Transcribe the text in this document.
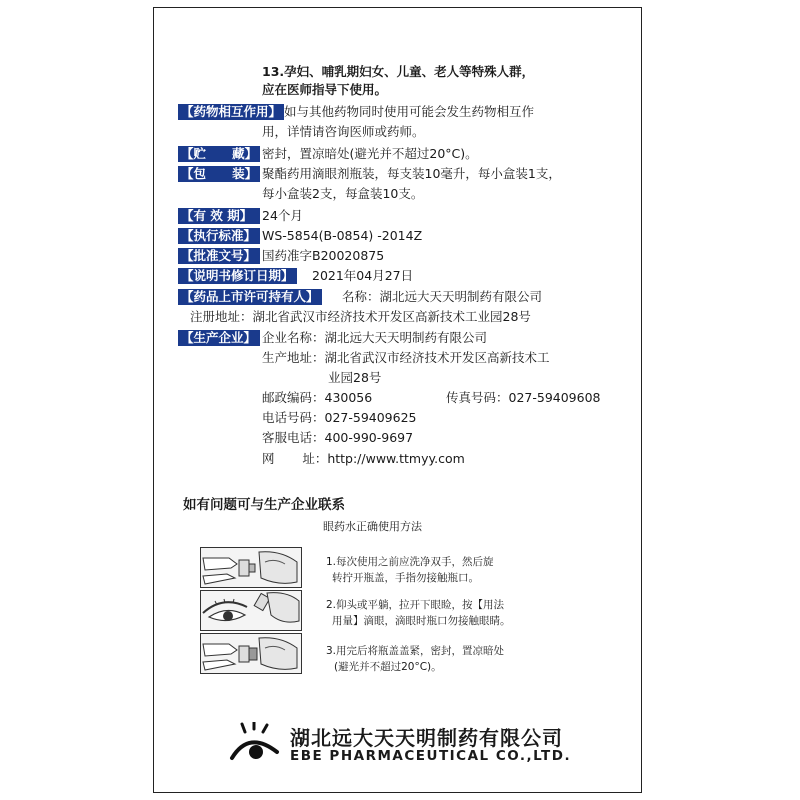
13.孕妇、哺乳期妇女、儿童、老人等特殊人群，
应在医师指导下使用。
【 药物相互作用 】	如与其他药物同时使用可能会发生药物相互作
用，详情请咨询医师或药师。
【 贮      藏 】	密封，置凉暗处(避光并不超过20°C)。
【 包      装 】	聚酯药用滴眼剂瓶装，每支装10毫升，每小盒装1支，
每小盒装2支，每盒装10支。
【 有 效 期 】	24个月
【 执行标准 】	WS-5854(B-0854) -2014Z
【 批准文号 】	国药准字B20020875
【 说明书修订日期 】	2021年04月27日
【 药品上市许可持有人 】	名称：湖北远大天天明制药有限公司
注册地址：湖北省武汉市经济技术开发区高新技术工业园28号
【 生产企业 】	企业名称：湖北远大天天明制药有限公司
生产地址：湖北省武汉市经济技术开发区高新技术工
业园28号
邮政编码：430056	传真号码：027-59409608
电话号码：027-59409625
客服电话：400-990-9697
网       址：http://www.ttmyy.com
如有问题可与生产企业联系
眼药水正确使用方法
1.每次使用之前应洗净双手，然后旋
转拧开瓶盖，手指勿接触瓶口。
2.仰头或平躺，拉开下眼睑，按【用法
用量】滴眼，滴眼时瓶口勿接触眼睛。
3.用完后将瓶盖盖紧，密封，置凉暗处
(避光并不超过20°C)。
湖北远大天天明制药有限公司
EBE PHARMACEUTICAL CO.,LTD.
